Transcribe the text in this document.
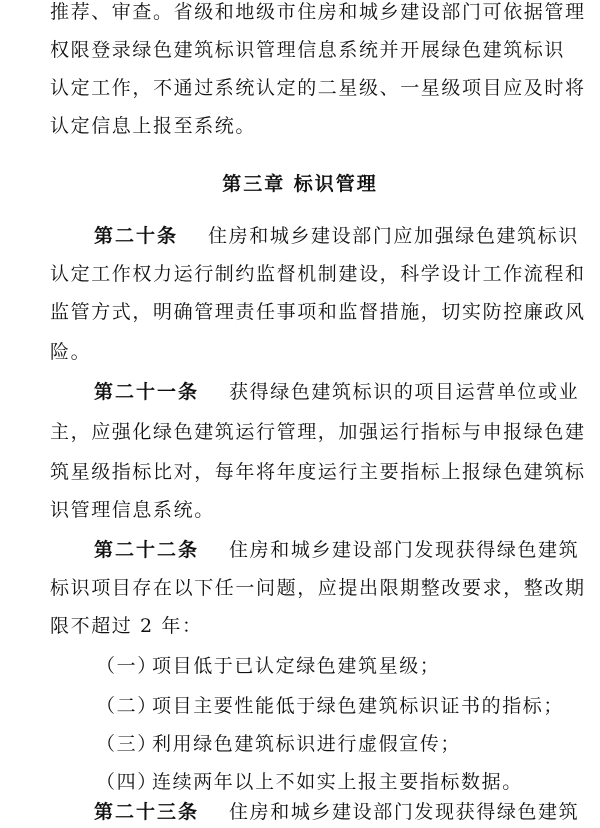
推荐、审查。省级和地级市住房和城乡建设部门可依据管理
权限登录绿色建筑标识管理信息系统并开展绿色建筑标识
认定工作，不通过系统认定的二星级、一星级项目应及时将
认定信息上报至系统。
第三章 标识管理
第二十条 住房和城乡建设部门应加强绿色建筑标识
认定工作权力运行制约监督机制建设，科学设计工作流程和
监管方式，明确管理责任事项和监督措施，切实防控廉政风
险。
第二十一条 获得绿色建筑标识的项目运营单位或业
主，应强化绿色建筑运行管理，加强运行指标与申报绿色建
筑星级指标比对，每年将年度运行主要指标上报绿色建筑标
识管理信息系统。
第二十二条 住房和城乡建设部门发现获得绿色建筑
标识项目存在以下任一问题，应提出限期整改要求，整改期
限不超过 2 年：
（一）项目低于已认定绿色建筑星级；
（二）项目主要性能低于绿色建筑标识证书的指标；
（三）利用绿色建筑标识进行虚假宣传；
（四）连续两年以上不如实上报主要指标数据。
第二十三条 住房和城乡建设部门发现获得绿色建筑
